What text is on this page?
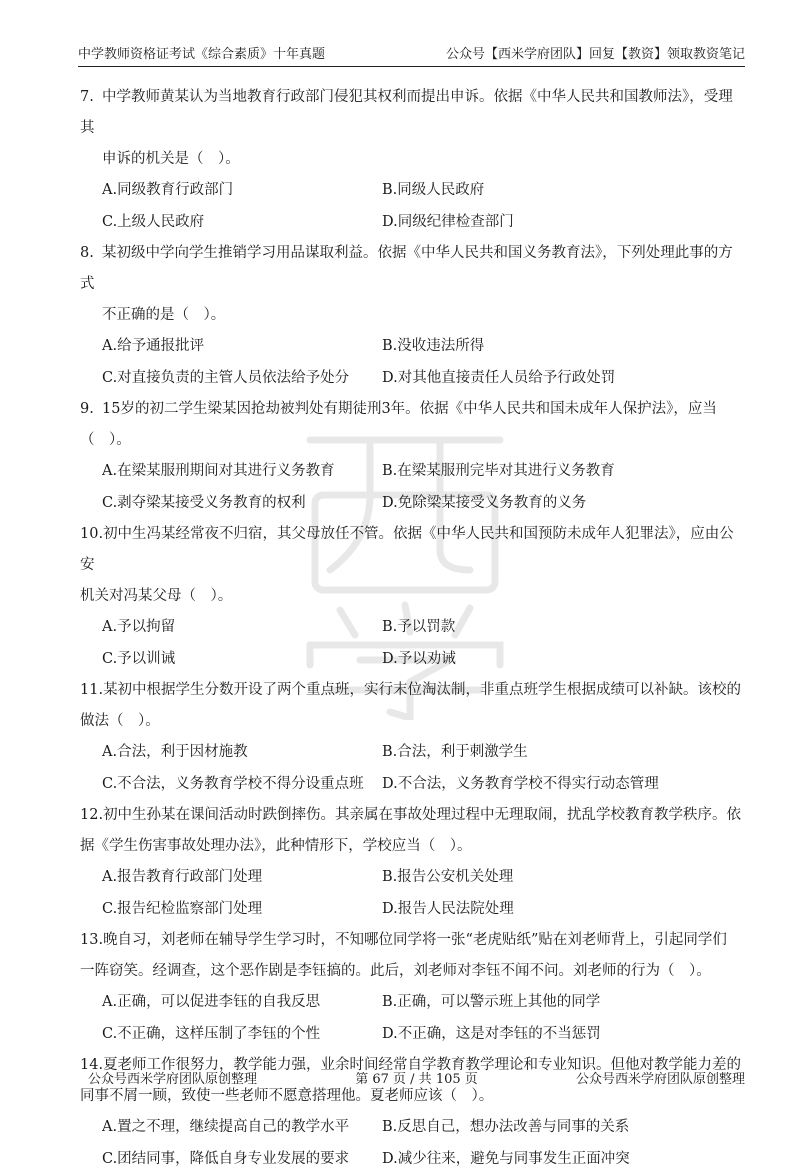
中学教师资格证考试《综合素质》十年真题	公众号【西米学府团队】回复【教资】领取教资笔记
7. 中学教师黄某认为当地教育行政部门侵犯其权利而提出申诉。依据《中华人民共和国教师法》，受理其
申诉的机关是（　）。
A.同级教育行政部门	B.同级人民政府
C.上级人民政府	D.同级纪律检查部门
8. 某初级中学向学生推销学习用品谋取利益。依据《中华人民共和国义务教育法》，下列处理此事的方式
不正确的是（　）。
A.给予通报批评	B.没收违法所得
C.对直接负责的主管人员依法给予处分	D.对其他直接责任人员给予行政处罚
9. 15岁的初二学生梁某因抢劫被判处有期徒刑3年。依据《中华人民共和国未成年人保护法》，应当（　）。
A.在梁某服刑期间对其进行义务教育	B.在梁某服刑完毕对其进行义务教育
C.剥夺梁某接受义务教育的权利	D.免除梁某接受义务教育的义务
10.初中生冯某经常夜不归宿，其父母放任不管。依据《中华人民共和国预防未成年人犯罪法》，应由公安
机关对冯某父母（　）。
A.予以拘留	B.予以罚款
C.予以训诫	D.予以劝诫
11.某初中根据学生分数开设了两个重点班，实行末位淘汰制，非重点班学生根据成绩可以补缺。该校的
做法（　）。
A.合法，利于因材施教	B.合法，利于刺激学生
C.不合法，义务教育学校不得分设重点班	D.不合法，义务教育学校不得实行动态管理
12.初中生孙某在课间活动时跌倒摔伤。其亲属在事故处理过程中无理取闹，扰乱学校教育教学秩序。依
据《学生伤害事故处理办法》，此种情形下，学校应当（　）。
A.报告教育行政部门处理	B.报告公安机关处理
C.报告纪检监察部门处理	D.报告人民法院处理
13.晚自习，刘老师在辅导学生学习时，不知哪位同学将一张“老虎贴纸”贴在刘老师背上，引起同学们
一阵窃笑。经调查，这个恶作剧是李钰搞的。此后，刘老师对李钰不闻不问。刘老师的行为（　）。
A.正确，可以促进李钰的自我反思	B.正确，可以警示班上其他的同学
C.不正确，这样压制了李钰的个性	D.不正确，这是对李钰的不当惩罚
14.夏老师工作很努力，教学能力强，业余时间经常自学教育教学理论和专业知识。但他对教学能力差的
同事不屑一顾，致使一些老师不愿意搭理他。夏老师应该（　）。
A.置之不理，继续提高自己的教学水平	B.反思自己，想办法改善与同事的关系
C.团结同事，降低自身专业发展的要求	D.减少往来，避免与同事发生正面冲突
公众号西米学府团队原创整理	第 67 页 / 共 105 页	公众号西米学府团队原创整理
